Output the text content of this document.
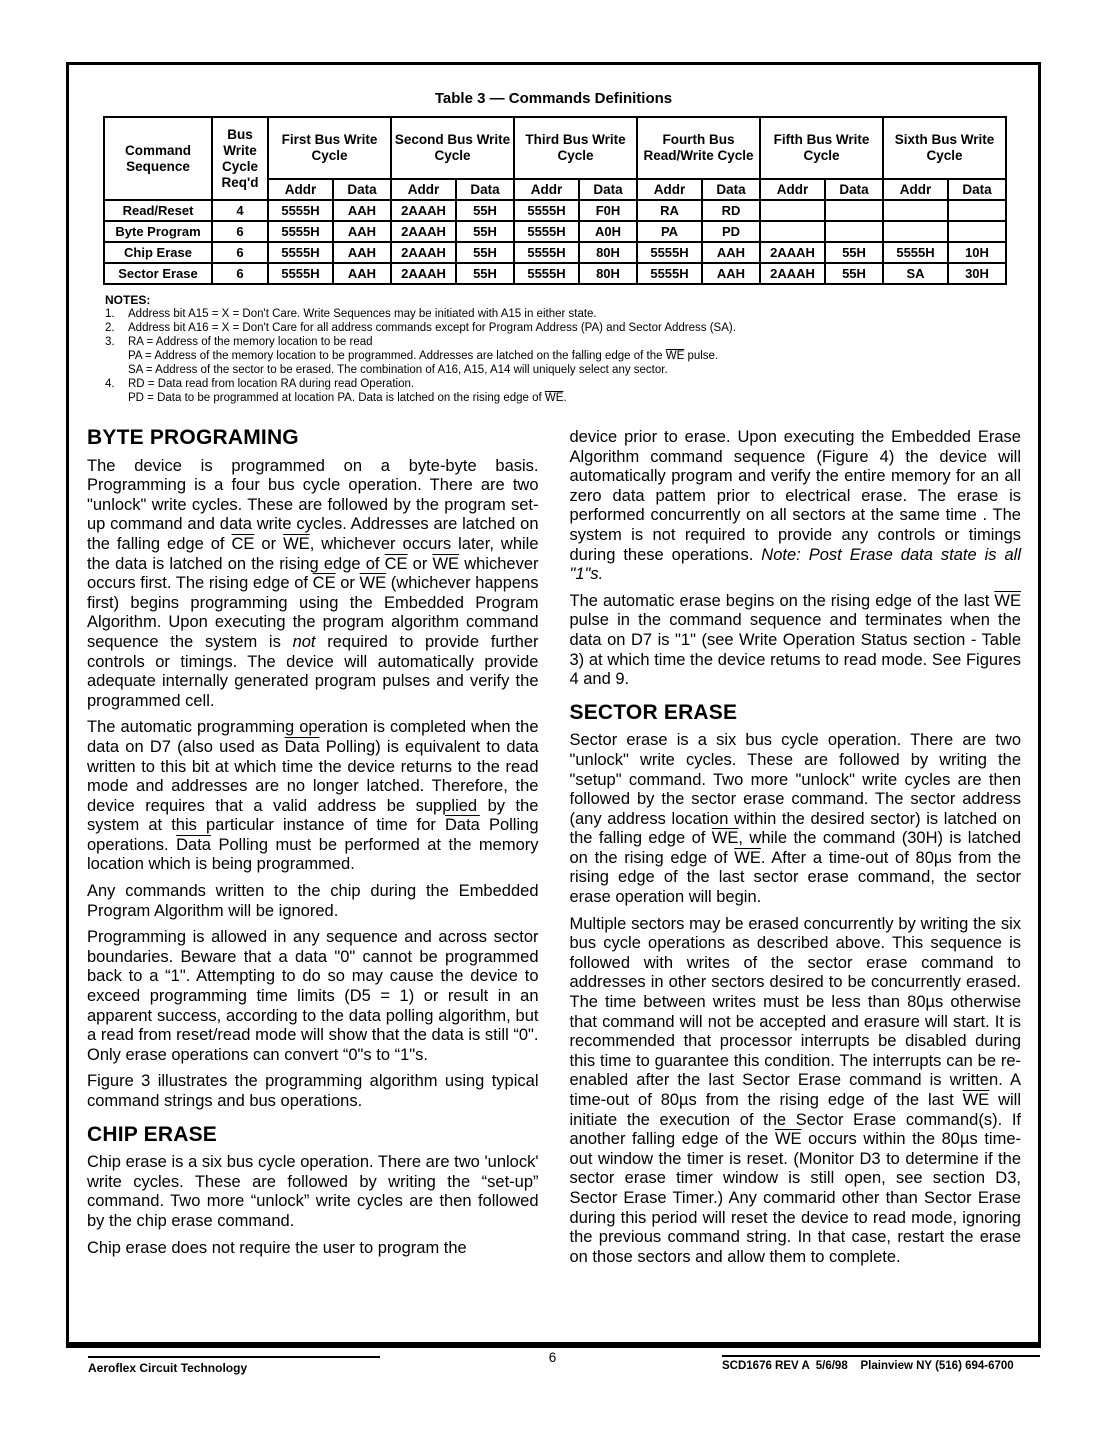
Table 3 — Commands Definitions
Command Sequence	Bus Write Cycle Req'd	First Bus Write Cycle		Second Bus Write Cycle		Third Bus Write Cycle		Fourth Bus Read/Write Cycle		Fifth Bus Write Cycle		Sixth Bus Write Cycle	
		Addr	Data	Addr	Data	Addr	Data	Addr	Data	Addr	Data	Addr	Data
Read/Reset	4	5555H	AAH	2AAAH	55H	5555H	F0H	RA	RD				
Byte Program	6	5555H	AAH	2AAAH	55H	5555H	A0H	PA	PD				
Chip Erase	6	5555H	AAH	2AAAH	55H	5555H	80H	5555H	AAH	2AAAH	55H	5555H	10H
Sector Erase	6	5555H	AAH	2AAAH	55H	5555H	80H	5555H	AAH	2AAAH	55H	SA	30H
NOTES:
1.	Address bit A15 = X = Don't Care. Write Sequences may be initiated with A15 in either state.
2.	Address bit A16 = X = Don't Care for all address commands except for Program Address (PA) and Sector Address (SA).
3.	RA = Address of the memory location to be read
PA = Address of the memory location to be programmed. Addresses are latched on the falling edge of the $\overline{WE}$ pulse.
SA = Address of the sector to be erased. The combination of A16, A15, A14 will uniquely select any sector.
4.	RD = Data read from location RA during read Operation.
PD = Data to be programmed at location PA. Data is latched on the rising edge of $\overline{WE}$.
BYTE PROGRAMING
The device is programmed on a byte-byte basis. Programming is a four bus cycle operation. There are two "unlock" write cycles. These are followed by the program set-up command and data write cycles. Addresses are latched on the falling edge of $\overline{CE}$ or $\overline{WE}$, whichever occurs later, while the data is latched on the rising edge of $\overline{CE}$ or $\overline{WE}$ whichever occurs first. The rising edge of $\overline{CE}$ or $\overline{WE}$ (whichever happens first) begins programming using the Embedded Program Algorithm. Upon executing the program algorithm command sequence the system is not required to provide further controls or timings. The device will automatically provide adequate internally generated program pulses and verify the programmed cell.
The automatic programming operation is completed when the data on D7 (also used as Data Polling) is equivalent to data written to this bit at which time the device returns to the read mode and addresses are no longer latched. Therefore, the device requires that a valid address be supplied by the system at this particular instance of time for Data Polling operations. Data Polling must be performed at the memory location which is being programmed.
Any commands written to the chip during the Embedded Program Algorithm will be ignored.
Programming is allowed in any sequence and across sector boundaries. Beware that a data "0" cannot be programmed back to a “1". Attempting to do so may cause the device to exceed programming time limits (D5 = 1) or result in an apparent success, according to the data polling algorithm, but a read from reset/read mode will show that the data is still “0". Only erase operations can convert “0"s to “1"s.
Figure 3 illustrates the programming algorithm using typical command strings and bus operations.
CHIP ERASE
Chip erase is a six bus cycle operation. There are two 'unlock' write cycles. These are followed by writing the “set-up” command. Two more “unlock” write cycles are then followed by the chip erase command.
Chip erase does not require the user to program the
device prior to erase. Upon executing the Embedded Erase Algorithm command sequence (Figure 4) the device will automatically program and verify the entire memory for an all zero data pattem prior to electrical erase. The erase is performed concurrently on all sectors at the same time . The system is not required to provide any controls or timings during these operations. Note: Post Erase data state is all "1"s.
The automatic erase begins on the rising edge of the last $\overline{WE}$ pulse in the command sequence and terminates when the data on D7 is "1" (see Write Operation Status section - Table 3) at which time the device retums to read mode. See Figures 4 and 9.
SECTOR ERASE
Sector erase is a six bus cycle operation. There are two "unlock" write cycles. These are followed by writing the "setup" command. Two more "unlock" write cycles are then followed by the sector erase command. The sector address (any address location within the desired sector) is latched on the falling edge of $\overline{WE}$, while the command (30H) is latched on the rising edge of $\overline{WE}$. After a time-out of 80µs from the rising edge of the last sector erase command, the sector erase operation will begin.
Multiple sectors may be erased concurrently by writing the six bus cycle operations as described above. This sequence is followed with writes of the sector erase command to addresses in other sectors desired to be concurrently erased. The time between writes must be less than 80µs otherwise that command will not be accepted and erasure will start. It is recommended that processor interrupts be disabled during this time to guarantee this condition. The interrupts can be re-enabled after the last Sector Erase command is written. A time-out of 80µs from the rising edge of the last $\overline{WE}$ will initiate the execution of the Sector Erase command(s). If another falling edge of the $\overline{WE}$ occurs within the 80µs time-out window the timer is reset. (Monitor D3 to determine if the sector erase timer window is still open, see section D3, Sector Erase Timer.) Any commarid other than Sector Erase during this period will reset the device to read mode, ignoring the previous command string. In that case, restart the erase on those sectors and allow them to complete.
Aeroflex Circuit Technology
6
SCD1676 REV A  5/6/98    Plainview NY (516) 694-6700
